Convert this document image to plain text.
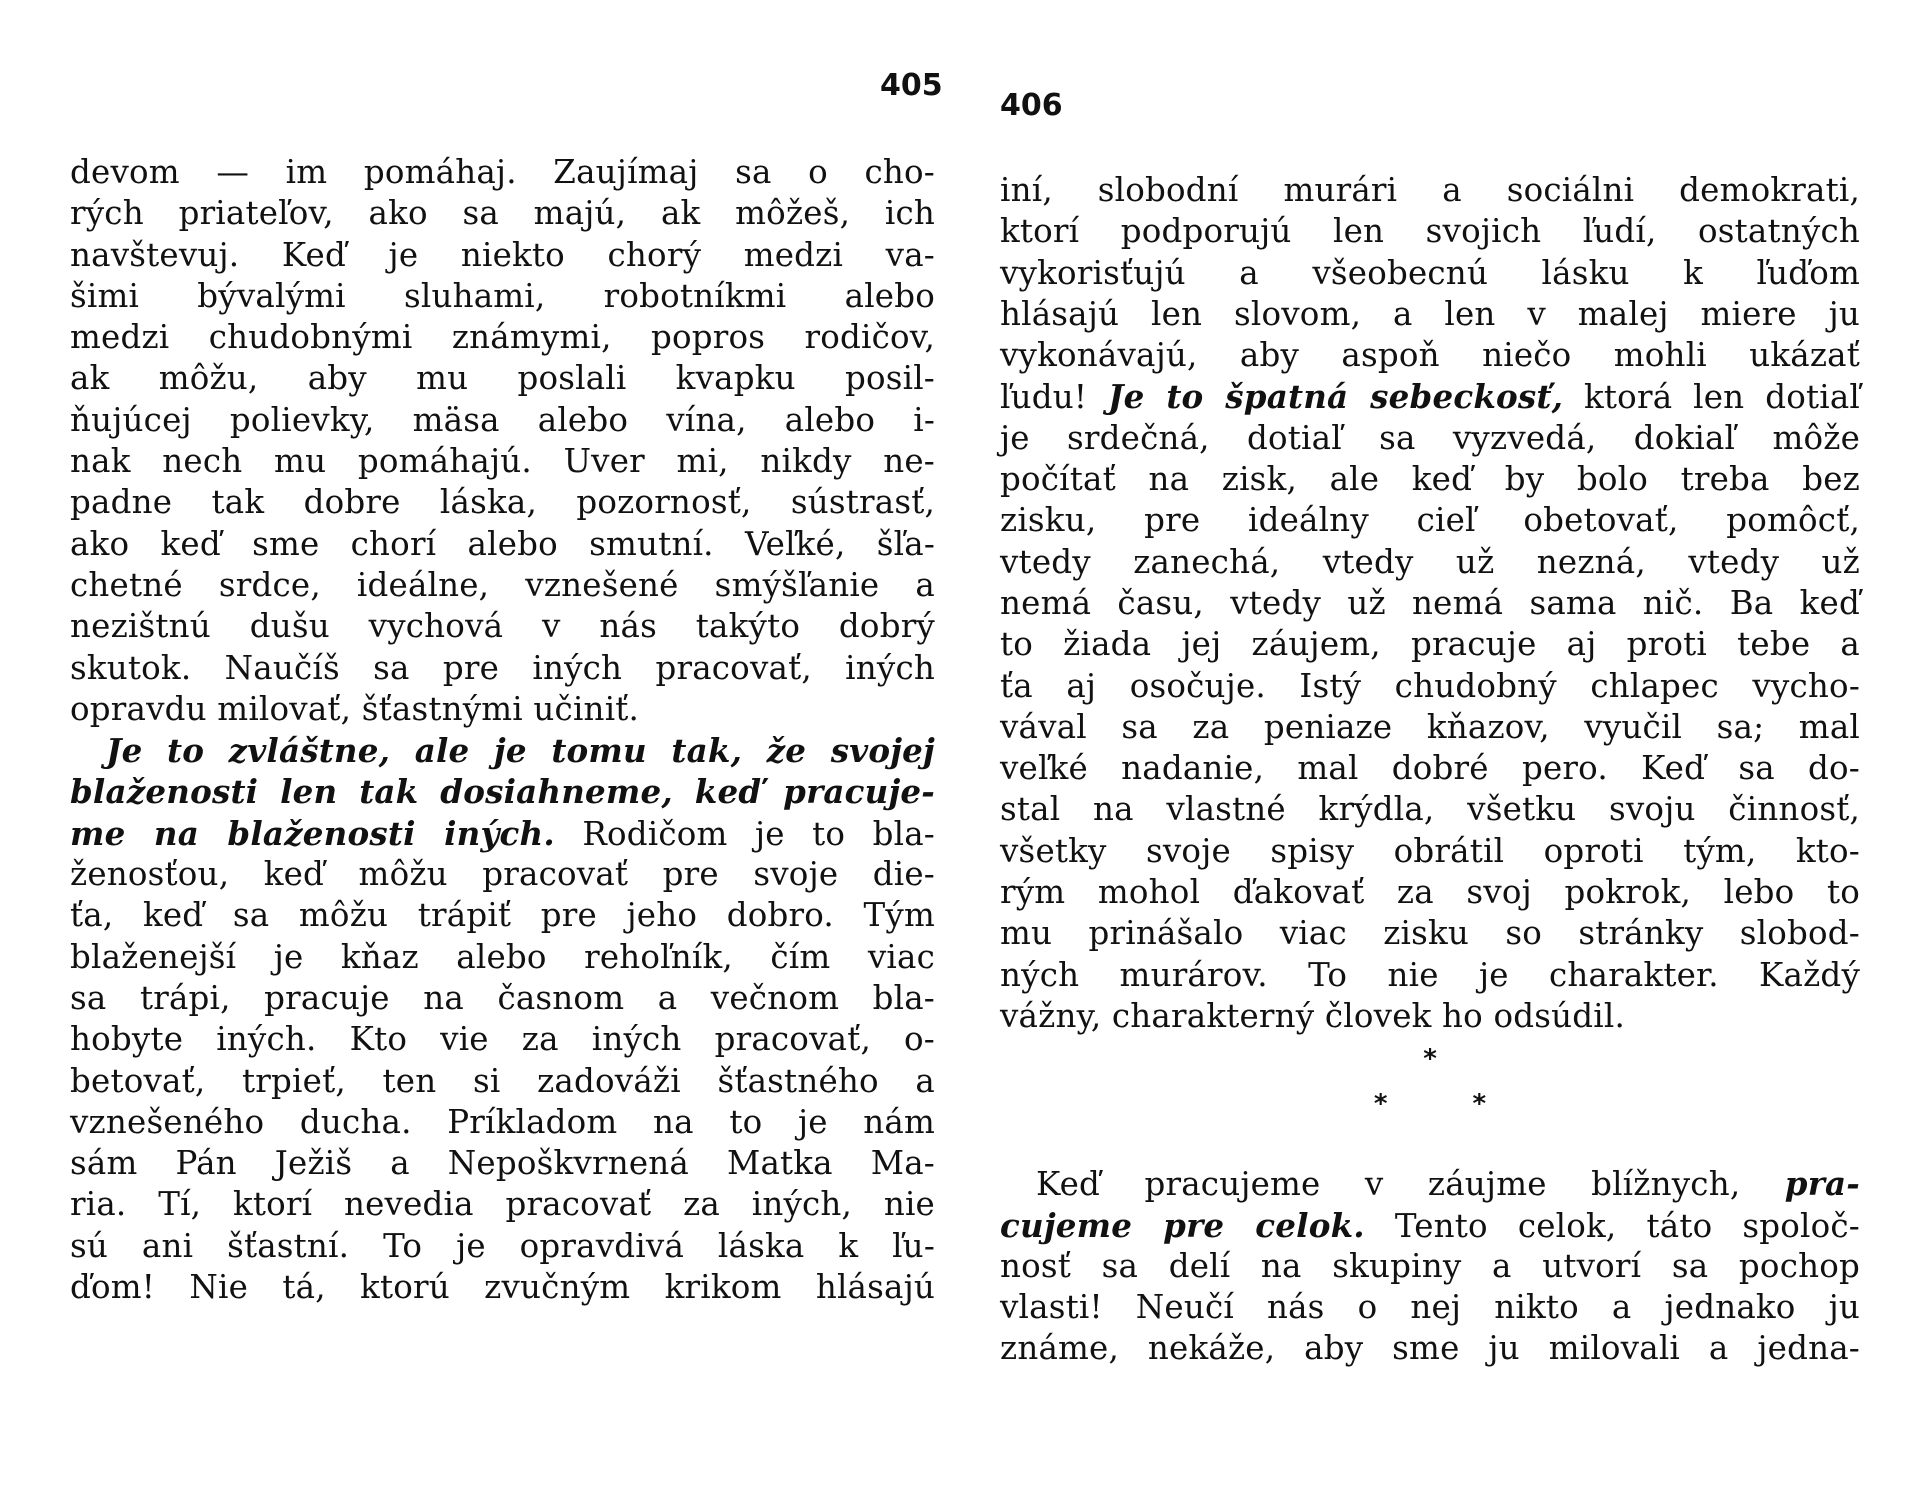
405
devom — im pomáhaj. Zaujímaj sa o cho-
rých priateľov, ako sa majú, ak môžeš, ich
navštevuj. Keď je niekto chorý medzi va-
šimi bývalými sluhami, robotníkmi alebo
medzi chudobnými známymi, popros rodičov,
ak môžu, aby mu poslali kvapku posil-
ňujúcej polievky, mäsa alebo vína, alebo i-
nak nech mu pomáhajú. Uver mi, nikdy ne-
padne tak dobre láska, pozornosť, sústrasť,
ako keď sme chorí alebo smutní. Veľké, šľa-
chetné srdce, ideálne, vznešené smýšľanie a
nezištnú dušu vychová v nás takýto dobrý
skutok. Naučíš sa pre iných pracovať, iných
opravdu milovať, šťastnými učiniť.
Je to zvláštne, ale je tomu tak, že svojej
blaženosti len tak dosiahneme, keď pracuje-
me na blaženosti iných. Rodičom je to bla-
ženosťou, keď môžu pracovať pre svoje die-
ťa, keď sa môžu trápiť pre jeho dobro. Tým
blaženejší je kňaz alebo rehoľník, čím viac
sa trápi, pracuje na časnom a večnom bla-
hobyte iných. Kto vie za iných pracovať, o-
betovať, trpieť, ten si zadováži šťastného a
vznešeného ducha. Príkladom na to je nám
sám Pán Ježiš a Nepoškvrnená Matka Ma-
ria. Tí, ktorí nevedia pracovať za iných, nie
sú ani šťastní. To je opravdivá láska k ľu-
ďom! Nie tá, ktorú zvučným krikom hlásajú
406
iní, slobodní murári a sociálni demokrati,
ktorí podporujú len svojich ľudí, ostatných
vykorisťujú a všeobecnú lásku k ľuďom
hlásajú len slovom, a len v malej miere ju
vykonávajú, aby aspoň niečo mohli ukázať
ľudu! Je to špatná sebeckosť, ktorá len dotiaľ
je srdečná, dotiaľ sa vyzvedá, dokiaľ môže
počítať na zisk, ale keď by bolo treba bez
zisku, pre ideálny cieľ obetovať, pomôcť,
vtedy zanechá, vtedy už nezná, vtedy už
nemá času, vtedy už nemá sama nič. Ba keď
to žiada jej záujem, pracuje aj proti tebe a
ťa aj osočuje. Istý chudobný chlapec vycho-
vával sa za peniaze kňazov, vyučil sa; mal
veľké nadanie, mal dobré pero. Keď sa do-
stal na vlastné krýdla, všetku svoju činnosť,
všetky svoje spisy obrátil oproti tým, kto-
rým mohol ďakovať za svoj pokrok, lebo to
mu prinášalo viac zisku so stránky slobod-
ných murárov. To nie je charakter. Každý
vážny, charakterný človek ho odsúdil.
*
*	*
Keď pracujeme v záujme blížnych, pra-
cujeme pre celok. Tento celok, táto spoloč-
nosť sa delí na skupiny a utvorí sa pochop
vlasti! Neučí nás o nej nikto a jednako ju
známe, nekáže, aby sme ju milovali a jedna-
